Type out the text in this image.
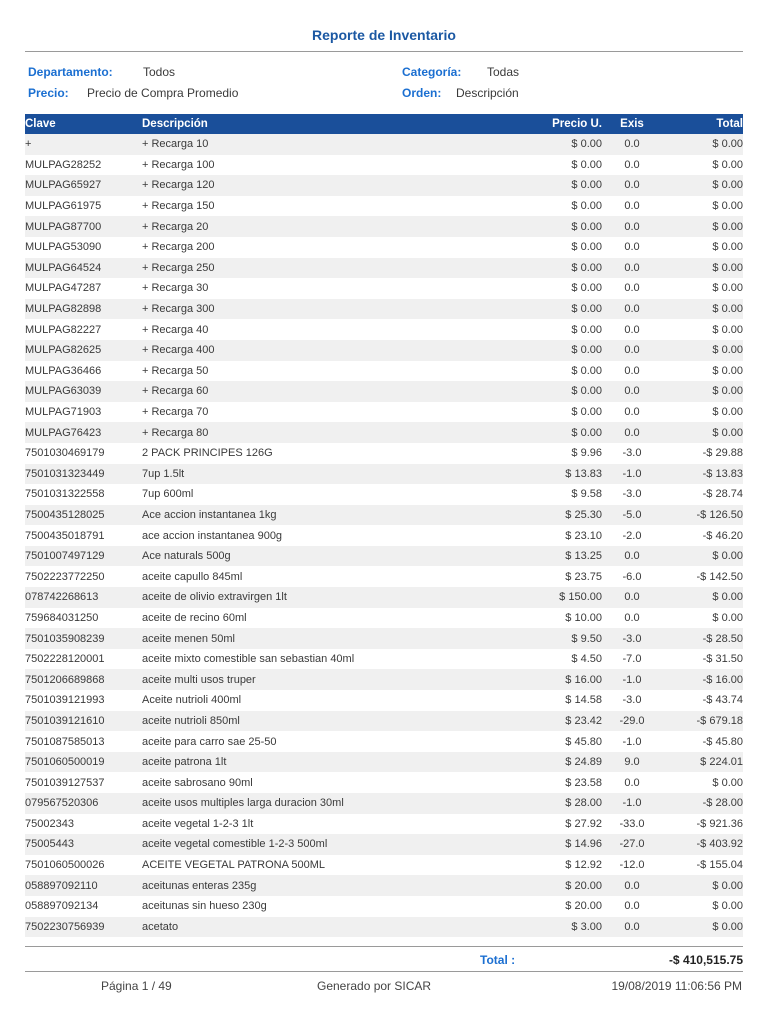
Reporte de Inventario
Departamento:	Todos	Categoría: Todas
Precio: Precio de Compra Promedio	Orden: Descripción
Clave	Descripción	Precio U.	Exis	Total
+	+ Recarga 10	$ 0.00	0.0	$ 0.00
MULPAG28252	+ Recarga 100	$ 0.00	0.0	$ 0.00
MULPAG65927	+ Recarga 120	$ 0.00	0.0	$ 0.00
MULPAG61975	+ Recarga 150	$ 0.00	0.0	$ 0.00
MULPAG87700	+ Recarga 20	$ 0.00	0.0	$ 0.00
MULPAG53090	+ Recarga 200	$ 0.00	0.0	$ 0.00
MULPAG64524	+ Recarga 250	$ 0.00	0.0	$ 0.00
MULPAG47287	+ Recarga 30	$ 0.00	0.0	$ 0.00
MULPAG82898	+ Recarga 300	$ 0.00	0.0	$ 0.00
MULPAG82227	+ Recarga 40	$ 0.00	0.0	$ 0.00
MULPAG82625	+ Recarga 400	$ 0.00	0.0	$ 0.00
MULPAG36466	+ Recarga 50	$ 0.00	0.0	$ 0.00
MULPAG63039	+ Recarga 60	$ 0.00	0.0	$ 0.00
MULPAG71903	+ Recarga 70	$ 0.00	0.0	$ 0.00
MULPAG76423	+ Recarga 80	$ 0.00	0.0	$ 0.00
7501030469179	2 PACK PRINCIPES 126G	$ 9.96	-3.0	-$ 29.88
7501031323449	7up 1.5lt	$ 13.83	-1.0	-$ 13.83
7501031322558	7up 600ml	$ 9.58	-3.0	-$ 28.74
7500435128025	Ace accion instantanea 1kg	$ 25.30	-5.0	-$ 126.50
7500435018791	ace accion instantanea 900g	$ 23.10	-2.0	-$ 46.20
7501007497129	Ace naturals 500g	$ 13.25	0.0	$ 0.00
7502223772250	aceite capullo 845ml	$ 23.75	-6.0	-$ 142.50
078742268613	aceite de olivio extravirgen 1lt	$ 150.00	0.0	$ 0.00
759684031250	aceite de recino 60ml	$ 10.00	0.0	$ 0.00
7501035908239	aceite menen 50ml	$ 9.50	-3.0	-$ 28.50
7502228120001	aceite mixto comestible san sebastian 40ml	$ 4.50	-7.0	-$ 31.50
7501206689868	aceite multi usos truper	$ 16.00	-1.0	-$ 16.00
7501039121993	Aceite nutrioli 400ml	$ 14.58	-3.0	-$ 43.74
7501039121610	aceite nutrioli 850ml	$ 23.42	-29.0	-$ 679.18
7501087585013	aceite para carro sae 25-50	$ 45.80	-1.0	-$ 45.80
7501060500019	aceite patrona 1lt	$ 24.89	9.0	$ 224.01
7501039127537	aceite sabrosano 90ml	$ 23.58	0.0	$ 0.00
079567520306	aceite usos multiples larga duracion 30ml	$ 28.00	-1.0	-$ 28.00
75002343	aceite vegetal 1-2-3 1lt	$ 27.92	-33.0	-$ 921.36
75005443	aceite vegetal comestible 1-2-3 500ml	$ 14.96	-27.0	-$ 403.92
7501060500026	ACEITE VEGETAL PATRONA 500ML	$ 12.92	-12.0	-$ 155.04
058897092110	aceitunas enteras 235g	$ 20.00	0.0	$ 0.00
058897092134	aceitunas sin hueso 230g	$ 20.00	0.0	$ 0.00
7502230756939	acetato	$ 3.00	0.0	$ 0.00
Total :	-$ 410,515.75
Página 1 / 49	Generado por SICAR	19/08/2019 11:06:56 PM
